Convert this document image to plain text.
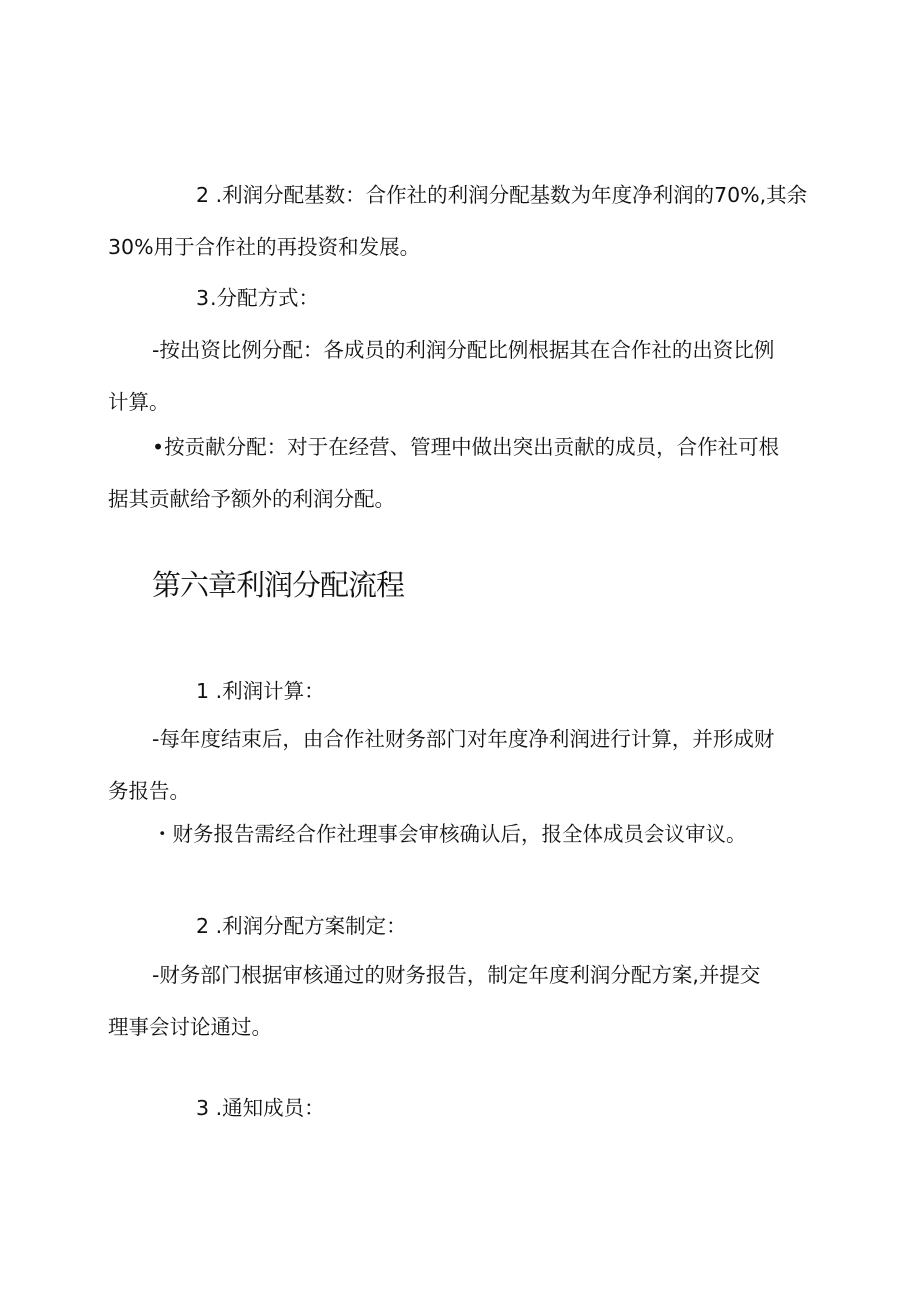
2 .利润分配基数：合作社的利润分配基数为年度净利润的70%,其余
30%用于合作社的再投资和发展。

3.分配方式：

-按出资比例分配：各成员的利润分配比例根据其在合作社的出资比例
计算。

•按贡献分配：对于在经营、管理中做出突出贡献的成员，合作社可根
据其贡献给予额外的利润分配。

第六章利润分配流程

1 .利润计算：

-每年度结束后，由合作社财务部门对年度净利润进行计算，并形成财
务报告。

・财务报告需经合作社理事会审核确认后，报全体成员会议审议。

2 .利润分配方案制定：

-财务部门根据审核通过的财务报告，制定年度利润分配方案,并提交
理事会讨论通过。

3 .通知成员：
